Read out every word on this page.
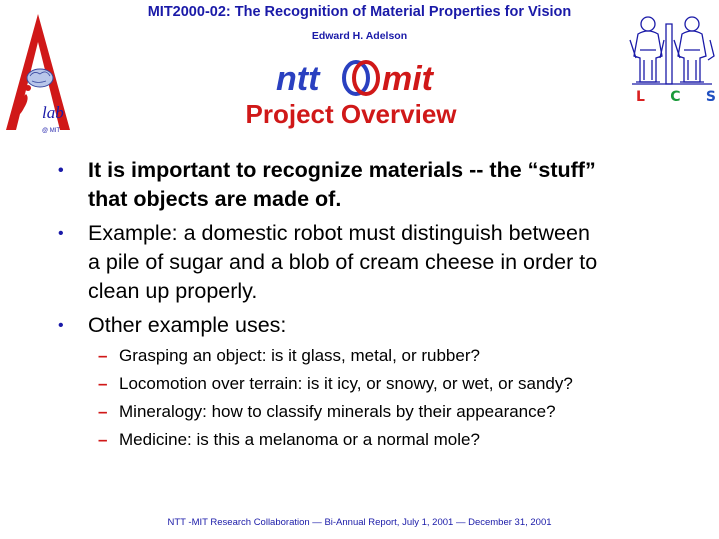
lab
@ MIT
MIT2000-02: The Recognition of Material Properties for Vision
Edward H. Adelson
ntt mit	L C S
Project Overview
• It is important to recognize materials -- the “stuff”
that objects are made of.
• Example: a domestic robot must distinguish between
a pile of sugar and a blob of cream cheese in order to
clean up properly.
• Other example uses:
– Grasping an object: is it glass, metal, or rubber?
– Locomotion over terrain: is it icy, or snowy, or wet, or sandy?
– Mineralogy: how to classify minerals by their appearance?
– Medicine: is this a melanoma or a normal mole?
NTT -MIT Research Collaboration — Bi-Annual Report, July 1, 2001 — December 31, 2001
